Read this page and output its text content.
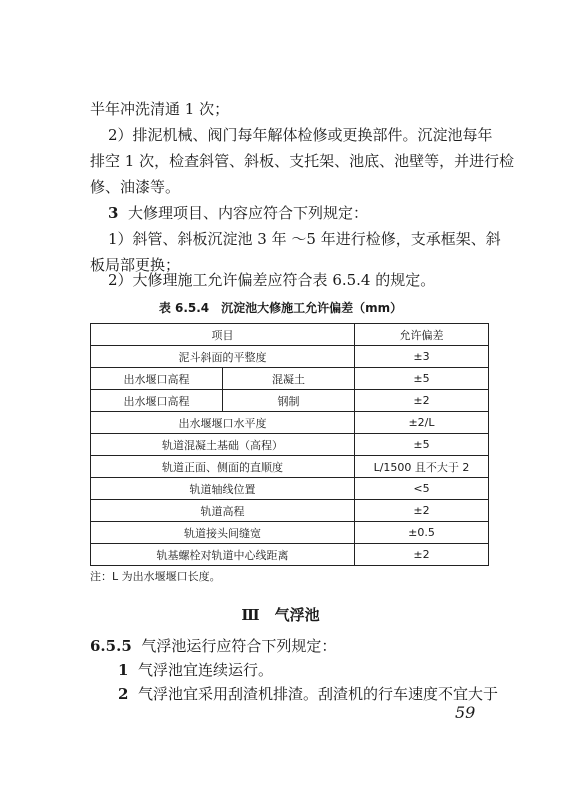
半年冲洗清通 1 次；
2）排泥机械、阀门每年解体检修或更换部件。沉淀池每年
排空 1 次，检查斜管、斜板、支托架、池底、池壁等，并进行检
修、油漆等。
3 大修理项目、内容应符合下列规定：
1）斜管、斜板沉淀池 3 年 ～5 年进行检修，支承框架、斜
板局部更换；
2）大修理施工允许偏差应符合表 6.5.4 的规定。
表 6.5.4　沉淀池大修施工允许偏差（mm）
项目		允许偏差
泥斗斜面的平整度		±3
出水堰口高程	混凝土	±5
出水堰口高程	钢制	±2
出水堰堰口水平度		±2/L
轨道混凝土基础（高程）		±5
轨道正面、侧面的直顺度		L/1500 且不大于 2
轨道轴线位置		<5
轨道高程		±2
轨道接头间缝宽		±0.5
轨基螺栓对轨道中心线距离		±2
注：L 为出水堰堰口长度。
Ⅲ　气浮池
6.5.5 气浮池运行应符合下列规定：
1 气浮池宜连续运行。
2 气浮池宜采用刮渣机排渣。刮渣机的行车速度不宜大于
59
